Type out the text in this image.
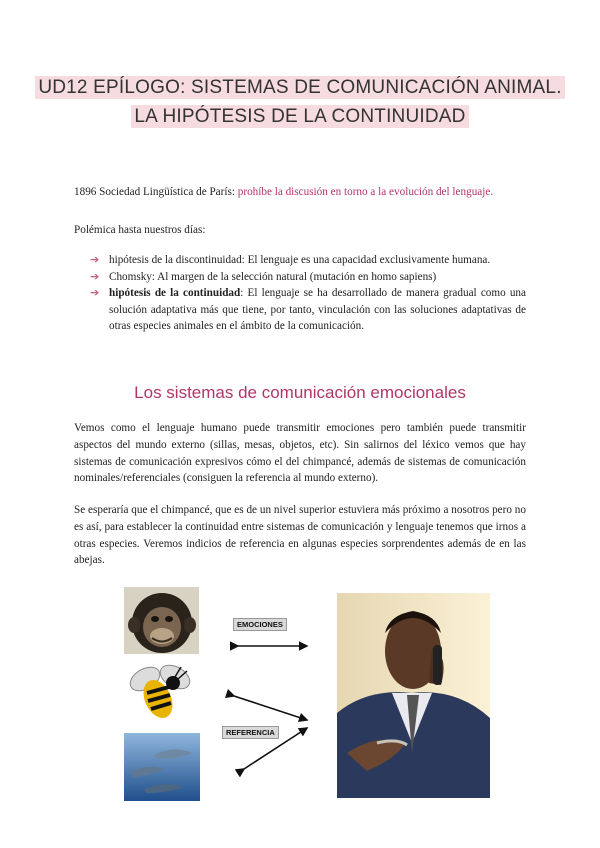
UD12 EPÍLOGO: SISTEMAS DE COMUNICACIÓN ANIMAL.
LA HIPÓTESIS DE LA CONTINUIDAD
1896 Sociedad Lingüística de París: prohíbe la discusión en torno a la evolución del lenguaje.
Polémica hasta nuestros días:
➔ hipótesis de la discontinuidad: El lenguaje es una capacidad exclusivamente humana.
➔ Chomsky: Al margen de la selección natural (mutación en homo sapiens)
➔ hipótesis de la continuidad: El lenguaje se ha desarrollado de manera gradual como una solución adaptativa más que tiene, por tanto, vinculación con las soluciones adaptativas de otras especies animales en el ámbito de la comunicación.
Los sistemas de comunicación emocionales
Vemos como el lenguaje humano puede transmitir emociones pero también puede transmitir aspectos del mundo externo (sillas, mesas, objetos, etc). Sin salirnos del léxico vemos que hay sistemas de comunicación expresivos cómo el del chimpancé, además de sistemas de comunicación nominales/referenciales (consiguen la referencia al mundo externo).
Se esperaría que el chimpancé, que es de un nivel superior estuviera más próximo a nosotros pero no es así, para establecer la continuidad entre sistemas de comunicación y lenguaje tenemos que irnos a otras especies. Veremos indicios de referencia en algunas especies sorprendentes además de en las abejas.
EMOCIONES
REFERENCIA
